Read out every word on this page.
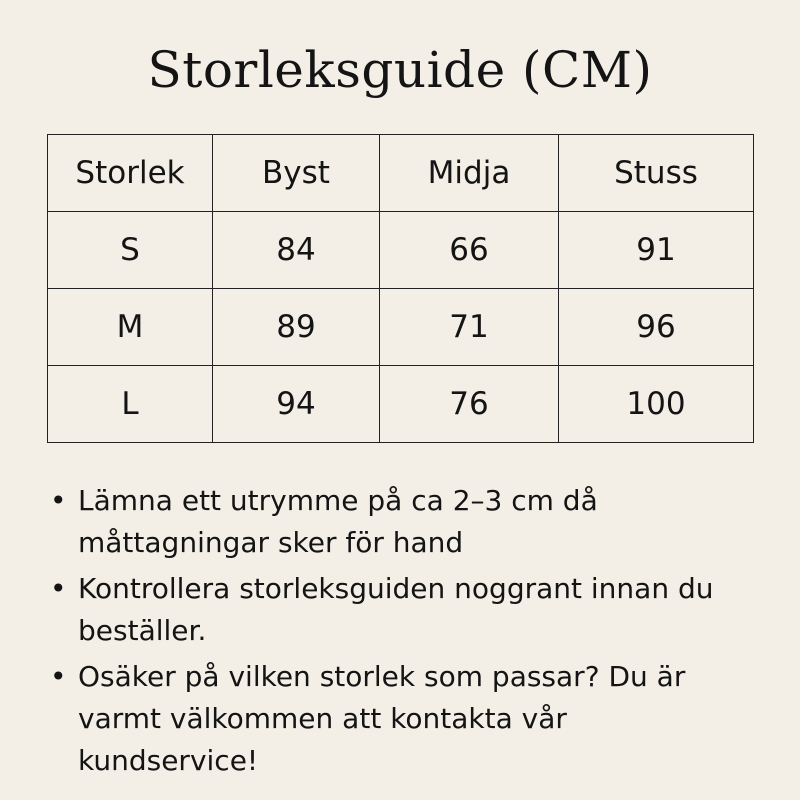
Storleksguide (CM)
Storlek	Byst	Midja	Stuss
S	84	66	91
M	89	71	96
L	94	76	100
• Lämna ett utrymme på ca 2–3 cm då måttagningar sker för hand
• Kontrollera storleksguiden noggrant innan du beställer.
• Osäker på vilken storlek som passar? Du är varmt välkommen att kontakta vår kundservice!
